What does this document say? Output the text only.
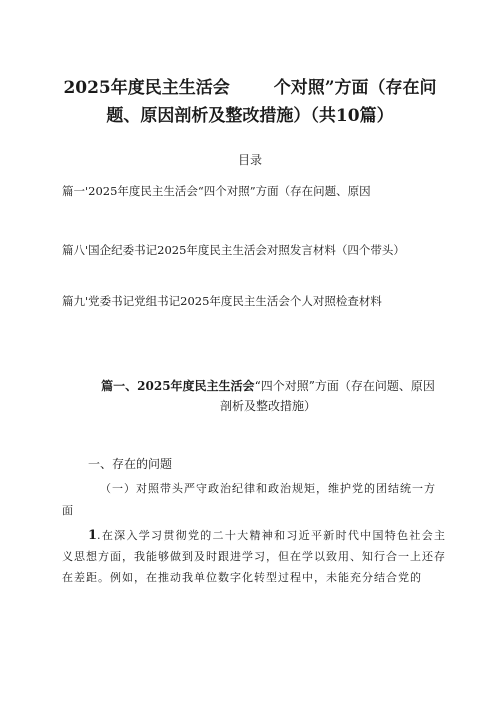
2025年度民主生活会	个对照”方面（存在问
题、原因剖析及整改措施）（共10篇）
目录
篇一'2025年度民主生活会“四个对照”方面（存在问题、原因
篇八'国企纪委书记2025年度民主生活会对照发言材料（四个带头）
篇九'党委书记党组书记2025年度民主生活会个人对照检查材料
篇一、2025年度民主生活会“四个对照”方面（存在问题、原因剖析及整改措施）
一、存在的问题
（一）对照带头严守政治纪律和政治规矩，维护党的团结统一方面
1.在深入学习贯彻党的二十大精神和习近平新时代中国特色社会主义思想方面，我能够做到及时跟进学习，但在学以致用、知行合一上还存在差距。例如，在推动我单位数字化转型过程中，未能充分结合党的
